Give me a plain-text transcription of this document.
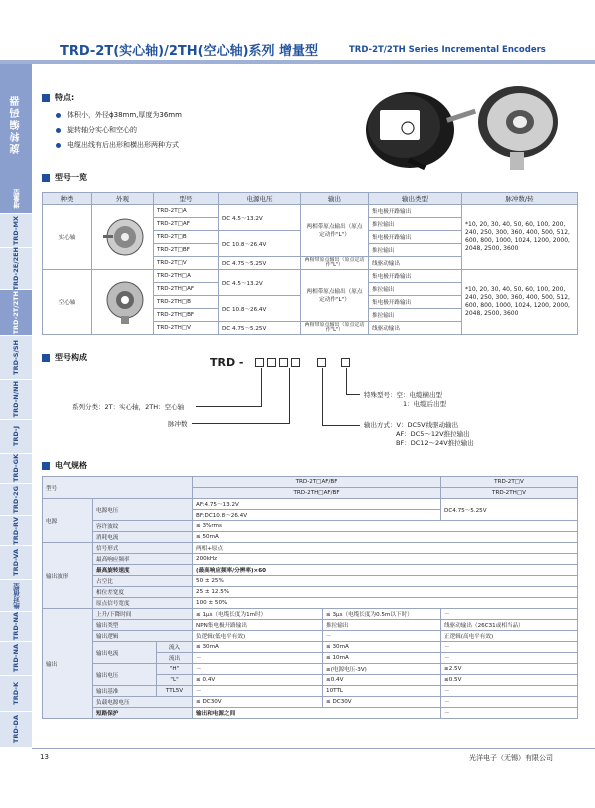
TRD-2T(实心轴)/2TH(空心轴)系列 增量型	TRD-2T/2TH Series Incremental Encoders
旋转编码器
增量型
TRD-MX
TRD-2E/2EH
TRD-2T/2TH
TRD-S/SH
TRD-N/NH
TRD-J
TRD-GK
TRD-2G
TRD-RV
TRD-VA
绝对值型
TRD-NA
TRD-NA
TRD-K
TRD-DA
特点:
体积小，外径ϕ38mm,厚度为36mm
旋转轴分实心和空心的
电缆出线有后出形和横出形两种方式
型号一览
种类	外观	型号	电源电压	输出	输出类型	脉冲数/转
实心轴		TRD-2T□A	DC 4.5～13.2V	两相带原点输出（原点定动作"L"）	集电极开路输出	*10, 20, 30, 40, 50, 60, 100, 200, 240, 250, 300, 360, 400, 500, 512, 600, 800, 1000, 1024, 1200, 2000, 2048, 2500, 3600
		TRD-2T□AF			推拉输出	
		TRD-2T□B	DC 10.8～26.4V		集电极开路输出	
		TRD-2T□BF			推拉输出	
		TRD-2T□V	DC 4.75～5.25V	两相带原点输出（原点定动作"L"）	线驱动输出	
空心轴		TRD-2TH□A	DC 4.5～13.2V	两相带原点输出（原点定动作"L"）	集电极开路输出	*10, 20, 30, 40, 50, 60, 100, 200, 240, 250, 300, 360, 400, 500, 512, 600, 800, 1000, 1024, 1200, 2000, 2048, 2500, 3600
		TRD-2TH□AF			推拉输出	
		TRD-2TH□B	DC 10.8～26.4V		集电极开路输出	
		TRD-2TH□BF			推拉输出	
		TRD-2TH□V	DC 4.75～5.25V	两相带原点输出（原点定动作"L"）	线驱动输出	
型号构成	TRD -
系列分类：2T：实心轴，2TH：空心轴
脉冲数
特殊型号：空：电缆横出型
1：电缆后出型
输出方式：V：DC5V线驱动输出
AF：DC5～12V推拉输出
BF：DC12～24V推拉输出
电气规格
型号			TRD-2T□AF/BF		TRD-2T□V
			TRD-2TH□AF/BF		TRD-2TH□V
电源	电源电压		AF:4.75～13.2V		DC4.75～5.25V
			BF:DC10.8～26.4V		
	容许波纹		≤ 3%rms		
	消耗电流		≤ 50mA		
输出波形	信号形式		两相+原点		
	最高响应频率		200kHz		
	最高旋转速度		(最高响应频率/分辨率)×60		
	占空比		50 ± 25%		
	相位差宽度		25 ± 12.5%		
	原点信号宽度		100 ± 50%		
输出	上升/下降时间		≤ 1μs（电缆长度为1m时）	≤ 3μs（电缆长度为0.5m以下时）	－
	输出类型		NPN集电极开路输出	推拉输出	线驱动输出（26C31或相当品）
	输出逻辑		负逻辑(低电平有效)	－	正逻辑(高电平有效)
	输出电流	流入	≤ 30mA	≤ 30mA	－
		流出	－	≤ 10mA	－
	输出电压	"H"	－	≥(电源电压-3V)	≥2.5V
		"L"	≤ 0.4V	≤0.4V	≤0.5V
	输出基准	TTL5V	－	10TTL	－
	负载电源电压		≤ DC30V	≤ DC30V	－
	短路保护		输出和电源之间		－
13	光洋电子（无锡）有限公司
